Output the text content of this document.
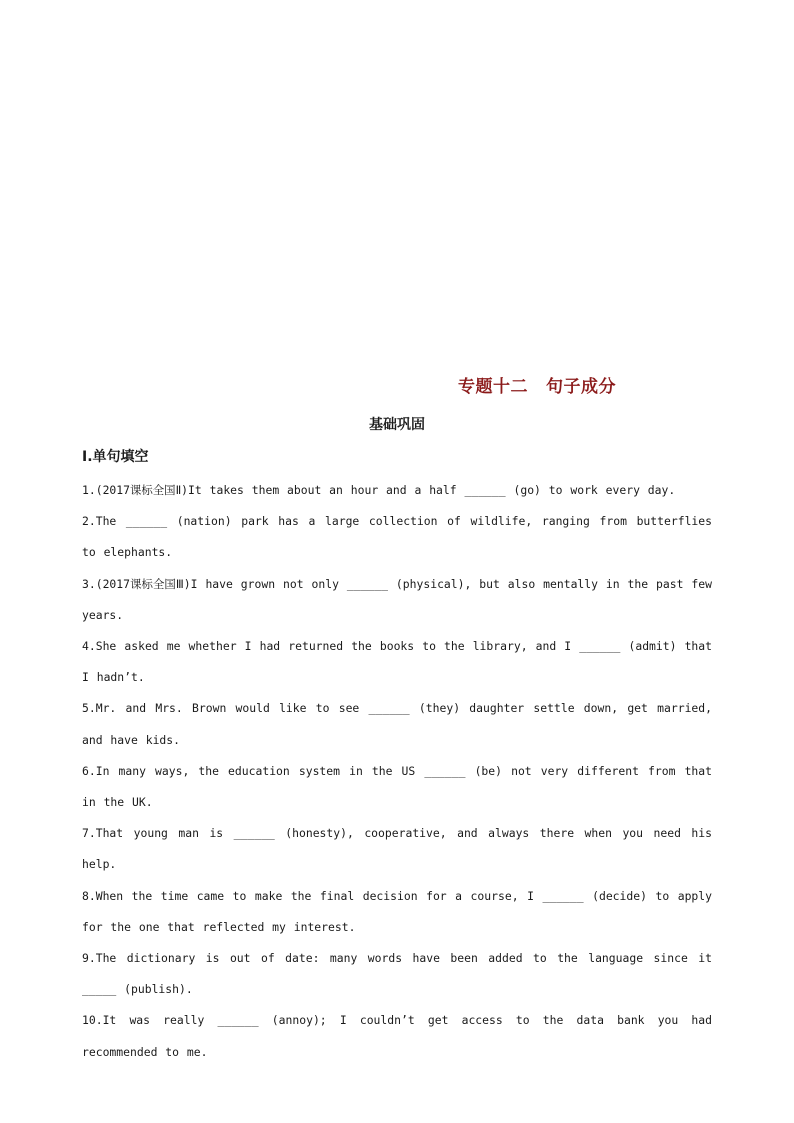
专题十二 句子成分
基础巩固
Ⅰ.单句填空

1.(2017课标全国Ⅱ)It takes them about an hour and a half ______ (go) to work every day.

2.The ______ (nation) park has a large collection of wildlife, ranging from butterflies to elephants.

3.(2017课标全国Ⅲ)I have grown not only ______ (physical), but also mentally in the past few years.

4.She asked me whether I had returned the books to the library, and I ______ (admit) that I hadn’t.

5.Mr. and Mrs. Brown would like to see ______ (they) daughter settle down, get married, and have kids.

6.In many ways, the education system in the US ______ (be) not very different from that in the UK.

7.That young man is ______ (honesty), cooperative, and always there when you need his help.

8.When the time came to make the final decision for a course, I ______ (decide) to apply for the one that reflected my interest.

9.The dictionary is out of date: many words have been added to the language since it _____ (publish).

10.It was really ______ (annoy); I couldn’t get access to the data bank you had recommended to me.
